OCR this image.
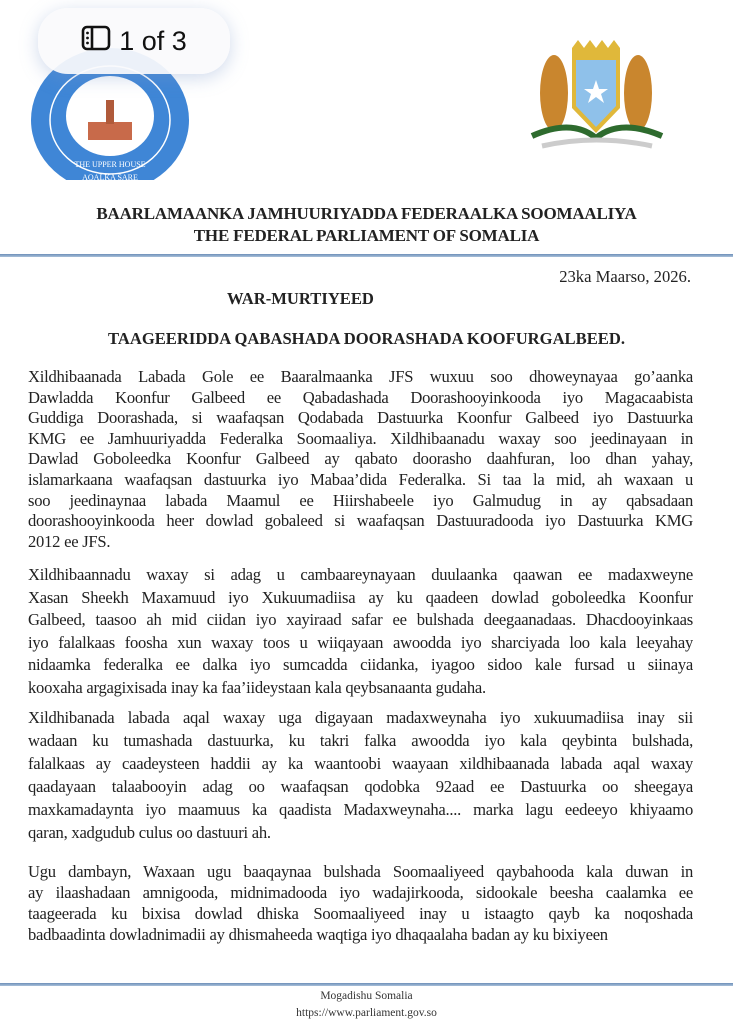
1 of 3
THE UPPER HOUSE
AQALKA SARE
BAARLAMAANKA JAMHUURIYADDA FEDERAALKA SOOMAALIYA
THE FEDERAL PARLIAMENT OF SOMALIA
23ka Maarso, 2026.
WAR-MURTIYEED
TAAGEERIDDA QABASHADA DOORASHADA KOOFURGALBEED.
Xildhibaanada Labada Gole ee Baaralmaanka JFS wuxuu soo dhoweynayaa go’aanka
Dawladda Koonfur Galbeed ee Qabadashada Doorashooyinkooda iyo Magacaabista
Guddiga Doorashada, si waafaqsan Qodabada Dastuurka Koonfur Galbeed iyo Dastuurka
KMG ee Jamhuuriyadda Federalka Soomaaliya. Xildhibaanadu waxay soo jeedinayaan in
Dawlad Goboleedka Koonfur Galbeed ay qabato doorasho daahfuran, loo dhan yahay,
islamarkaana waafaqsan dastuurka iyo Mabaa’dida Federalka. Si taa la mid, ah waxaan u
soo jeedinaynaa labada Maamul ee Hiirshabeele iyo Galmudug in ay qabsadaan
doorashooyinkooda heer dowlad gobaleed si waafaqsan Dastuuradooda iyo Dastuurka KMG
2012 ee JFS.
Xildhibaannadu waxay si adag u cambaareynayaan duulaanka qaawan ee madaxweyne
Xasan Sheekh Maxamuud iyo Xukuumadiisa ay ku qaadeen dowlad goboleedka Koonfur
Galbeed, taasoo ah mid ciidan iyo xayiraad safar ee bulshada deegaanadaas. Dhacdooyinkaas
iyo falalkaas foosha xun waxay toos u wiiqayaan awoodda iyo sharciyada loo kala leeyahay
nidaamka federalka ee dalka iyo sumcadda ciidanka, iyagoo sidoo kale fursad u siinaya
kooxaha argagixisada inay ka faa’iideystaan kala qeybsanaanta gudaha.
Xildhibanada labada aqal waxay uga digayaan madaxweynaha iyo xukuumadiisa inay sii
wadaan ku tumashada dastuurka, ku takri falka awoodda iyo kala qeybinta bulshada,
falalkaas ay caadeysteen haddii ay ka waantoobi waayaan xildhibaanada labada aqal waxay
qaadayaan talaabooyin adag oo waafaqsan qodobka 92aad ee Dastuurka oo sheegaya
maxkamadaynta iyo maamuus ka qaadista Madaxweynaha.... marka lagu eedeeyo khiyaamo
qaran, xadgudub culus oo dastuuri ah.
Ugu dambayn, Waxaan ugu baaqaynaa bulshada Soomaaliyeed qaybahooda kala duwan in
ay ilaashadaan amnigooda, midnimadooda iyo wadajirkooda, sidookale beesha caalamka ee
taageerada ku bixisa dowlad dhiska Soomaaliyeed inay u istaagto qayb ka noqoshada
badbaadinta dowladnimadii ay dhismaheeda waqtiga iyo dhaqaalaha badan ay ku bixiyeen
Mogadishu Somalia
https://www.parliament.gov.so
